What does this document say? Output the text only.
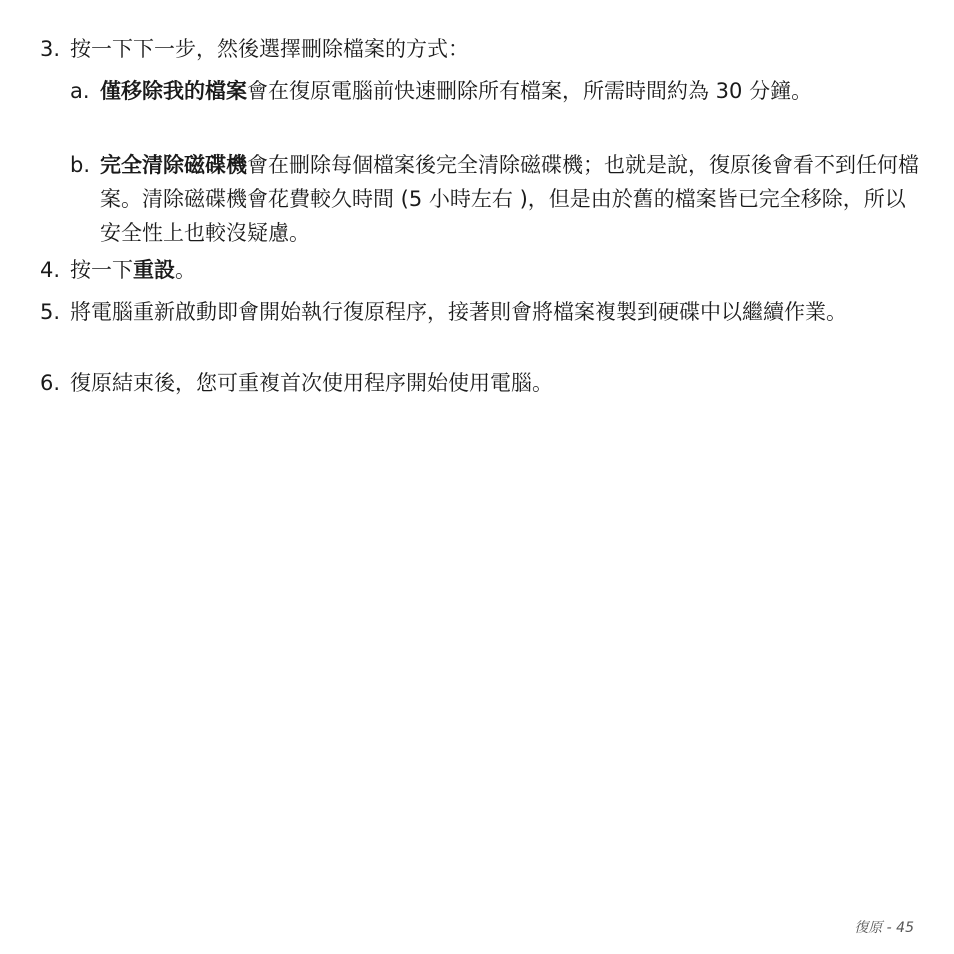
3. 按一下下一步，然後選擇刪除檔案的方式：
a. 僅移除我的檔案會在復原電腦前快速刪除所有檔案，所需時間約為 30 分鐘。
b. 完全清除磁碟機會在刪除每個檔案後完全清除磁碟機；也就是說，復原後會看不到任何檔案。清除磁碟機會花費較久時間 (5 小時左右 )，但是由於舊的檔案皆已完全移除，所以安全性上也較沒疑慮。
4. 按一下重設。
5. 將電腦重新啟動即會開始執行復原程序，接著則會將檔案複製到硬碟中以繼續作業。
6. 復原結束後，您可重複首次使用程序開始使用電腦。
復原 - 45
